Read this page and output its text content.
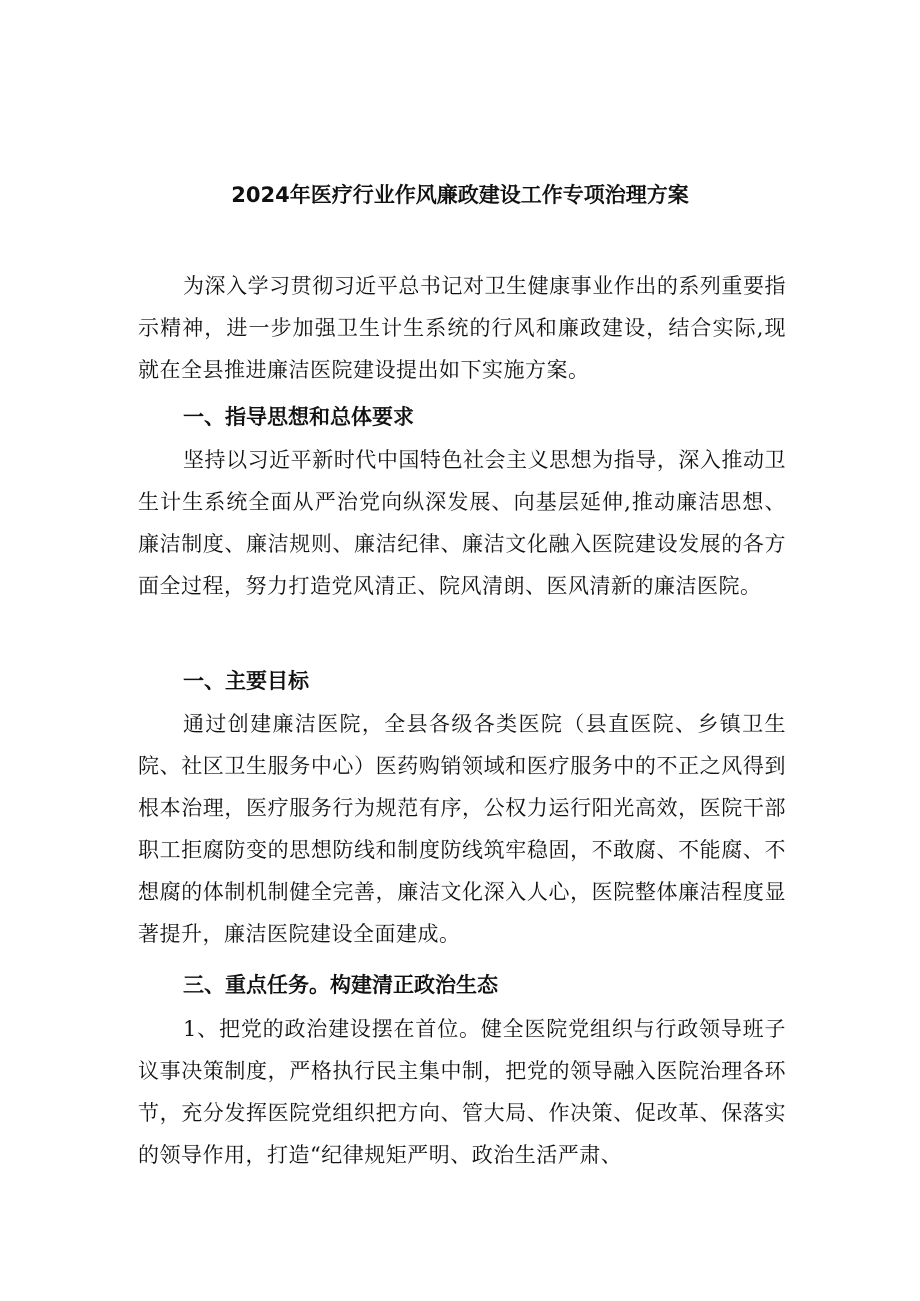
2024年医疗行业作风廉政建设工作专项治理方案

为深入学习贯彻习近平总书记对卫生健康事业作出的系列重要指示精神，进一步加强卫生计生系统的行风和廉政建设，结合实际,现就在全县推进廉洁医院建设提出如下实施方案。

一、指导思想和总体要求

坚持以习近平新时代中国特色社会主义思想为指导，深入推动卫生计生系统全面从严治党向纵深发展、向基层延伸,推动廉洁思想、廉洁制度、廉洁规则、廉洁纪律、廉洁文化融入医院建设发展的各方面全过程，努力打造党风清正、院风清朗、医风清新的廉洁医院。

一、主要目标

通过创建廉洁医院，全县各级各类医院（县直医院、乡镇卫生院、社区卫生服务中心）医药购销领域和医疗服务中的不正之风得到根本治理，医疗服务行为规范有序，公权力运行阳光高效，医院干部职工拒腐防变的思想防线和制度防线筑牢稳固，不敢腐、不能腐、不想腐的体制机制健全完善，廉洁文化深入人心，医院整体廉洁程度显著提升，廉洁医院建设全面建成。

三、重点任务。构建清正政治生态

1、把党的政治建设摆在首位。健全医院党组织与行政领导班子议事决策制度，严格执行民主集中制，把党的领导融入医院治理各环节，充分发挥医院党组织把方向、管大局、作决策、促改革、保落实的领导作用，打造“纪律规矩严明、政治生活严肃、
